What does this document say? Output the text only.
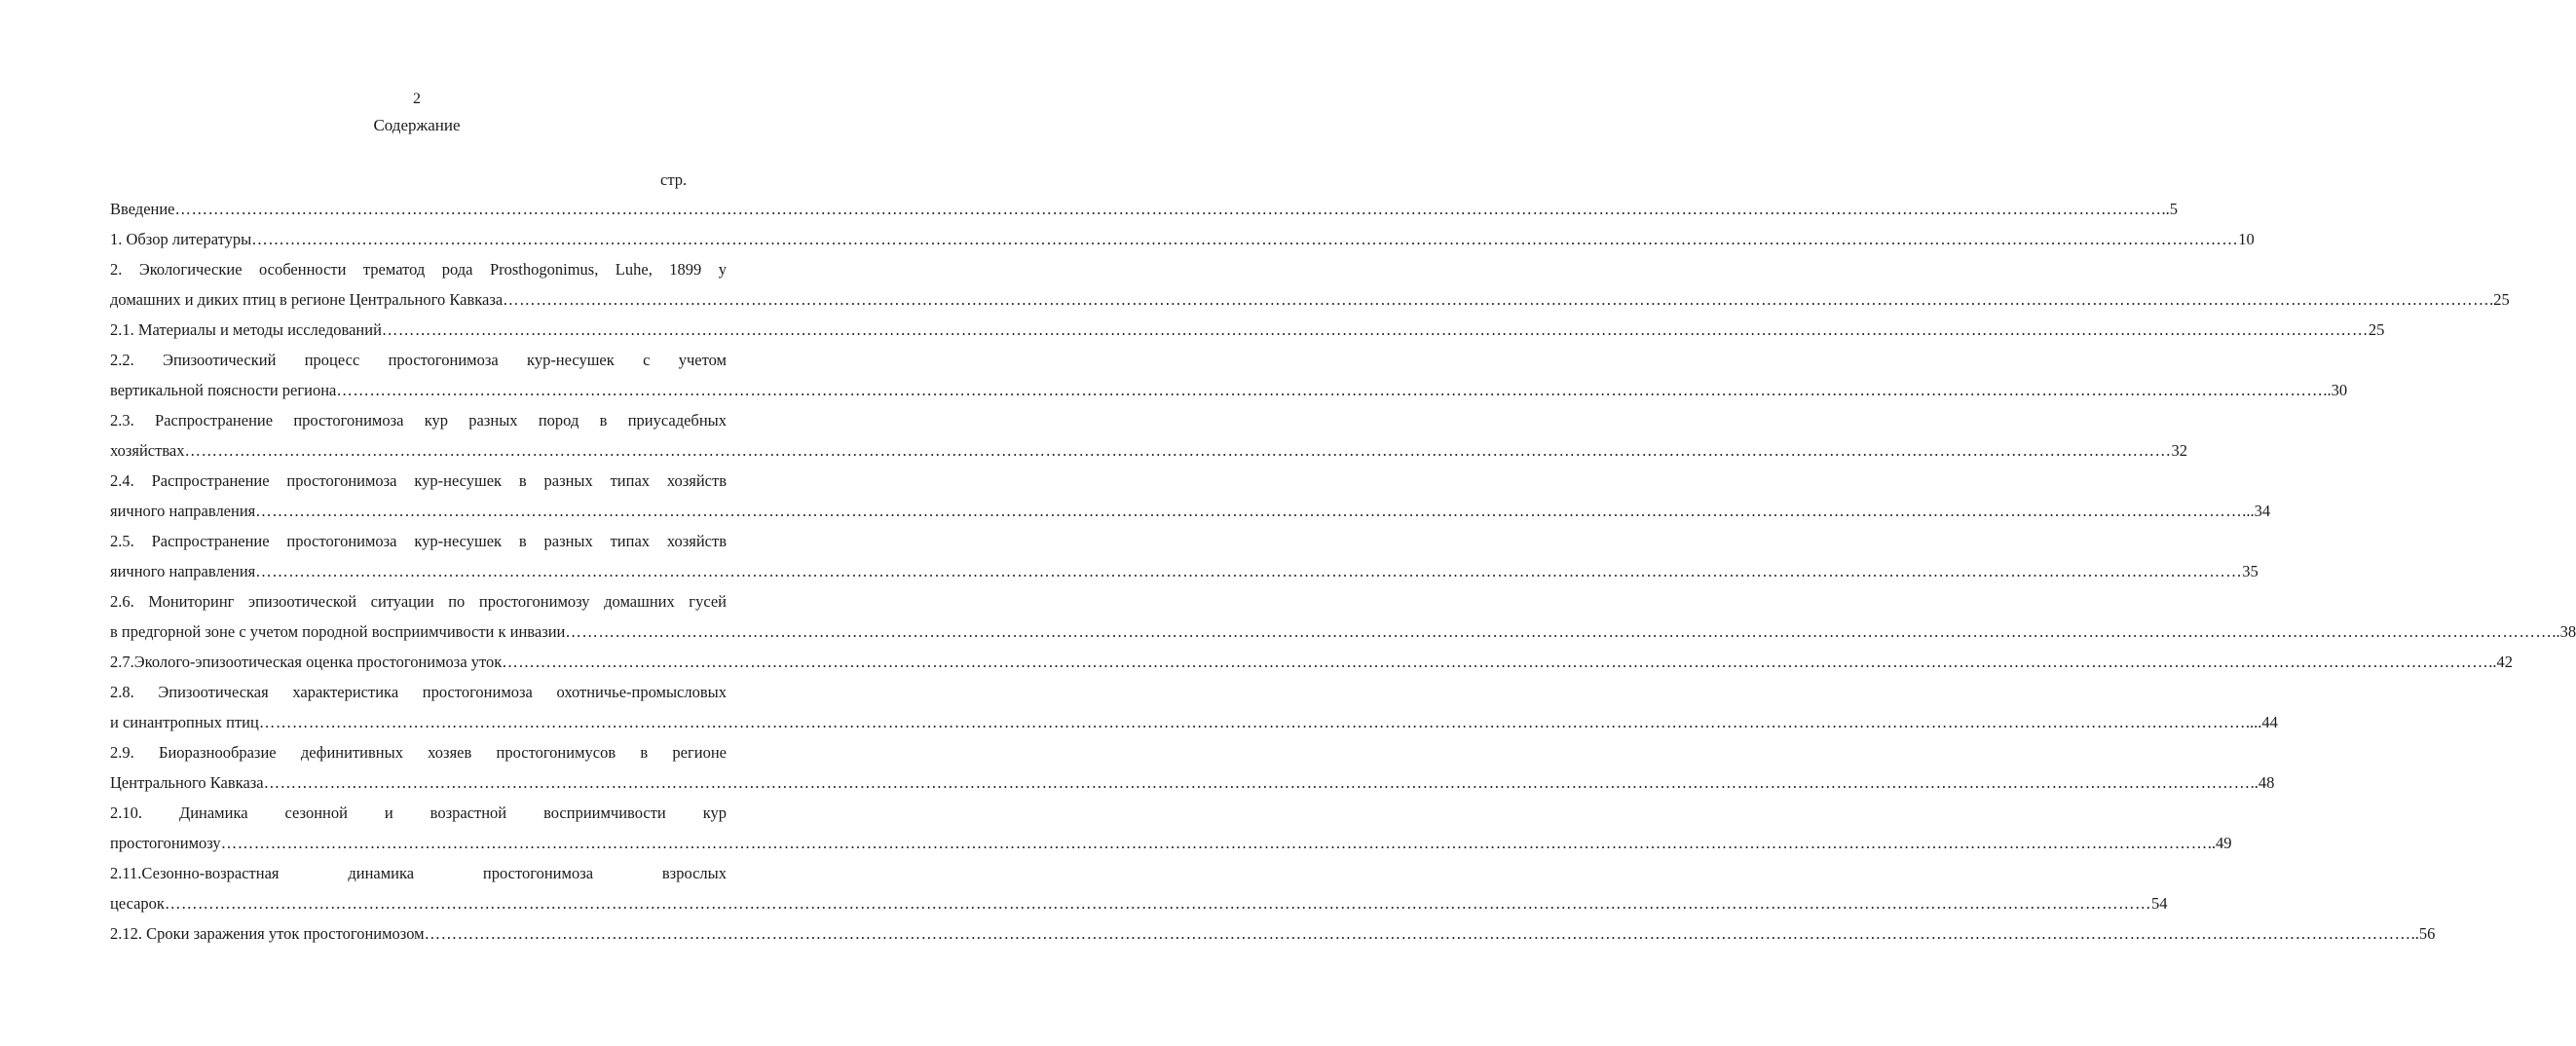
2
Содержание
стр.
Введение ……………………………………………………………………………………………………………………………………………………………………………………………………………………………………………………………………………………………………………………………… ..5
1. Обзор литературы ……………………………………………………………………………………………………………………………………………………………………………………………………………………………………………………………………………………………………………………………… 10
2. Экологические особенности трематод рода Prosthogonimus, Luhe, 1899 у
домашних и диких птиц в регионе Центрального Кавказа ……………………………………………………………………………………………………………………………………………………………………………………………………………………………………………………………………………………………………………………………… .25
2.1. Материалы и методы исследований ……………………………………………………………………………………………………………………………………………………………………………………………………………………………………………………………………………………………………………………………… 25
2.2. Эпизоотический процесс простогонимоза кур-несушек с учетом
вертикальной поясности региона ……………………………………………………………………………………………………………………………………………………………………………………………………………………………………………………………………………………………………………………………… ..30
2.3. Распространение простогонимоза кур разных пород в приусадебных
хозяйствах ……………………………………………………………………………………………………………………………………………………………………………………………………………………………………………………………………………………………………………………………… 32
2.4. Распространение простогонимоза кур-несушек в разных типах хозяйств
яичного направления ……………………………………………………………………………………………………………………………………………………………………………………………………………………………………………………………………………………………………………………………… ...34
2.5. Распространение простогонимоза кур-несушек в разных типах хозяйств
яичного направления ……………………………………………………………………………………………………………………………………………………………………………………………………………………………………………………………………………………………………………………………… 35
2.6. Мониторинг эпизоотической ситуации по простогонимозу домашних гусей
в предгорной зоне с учетом породной восприимчивости к инвазии ……………………………………………………………………………………………………………………………………………………………………………………………………………………………………………………………………………………………………………………………… ..38
2.7.Эколого-эпизоотическая оценка простогонимоза уток ……………………………………………………………………………………………………………………………………………………………………………………………………………………………………………………………………………………………………………………………… ..42
2.8. Эпизоотическая характеристика простогонимоза охотничье-промысловых
и синантропных птиц ……………………………………………………………………………………………………………………………………………………………………………………………………………………………………………………………………………………………………………………………… ....44
2.9. Биоразнообразие дефинитивных хозяев простогонимусов в регионе
Центрального Кавказа ……………………………………………………………………………………………………………………………………………………………………………………………………………………………………………………………………………………………………………………………… ..48
2.10. Динамика сезонной и возрастной восприимчивости кур
простогонимозу ……………………………………………………………………………………………………………………………………………………………………………………………………………………………………………………………………………………………………………………………… ..49
2.11.Сезонно-возрастная динамика простогонимоза взрослых
цесарок ……………………………………………………………………………………………………………………………………………………………………………………………………………………………………………………………………………………………………………………………… 54
2.12. Сроки заражения уток простогонимозом ……………………………………………………………………………………………………………………………………………………………………………………………………………………………………………………………………………………………………………………………… ..56
